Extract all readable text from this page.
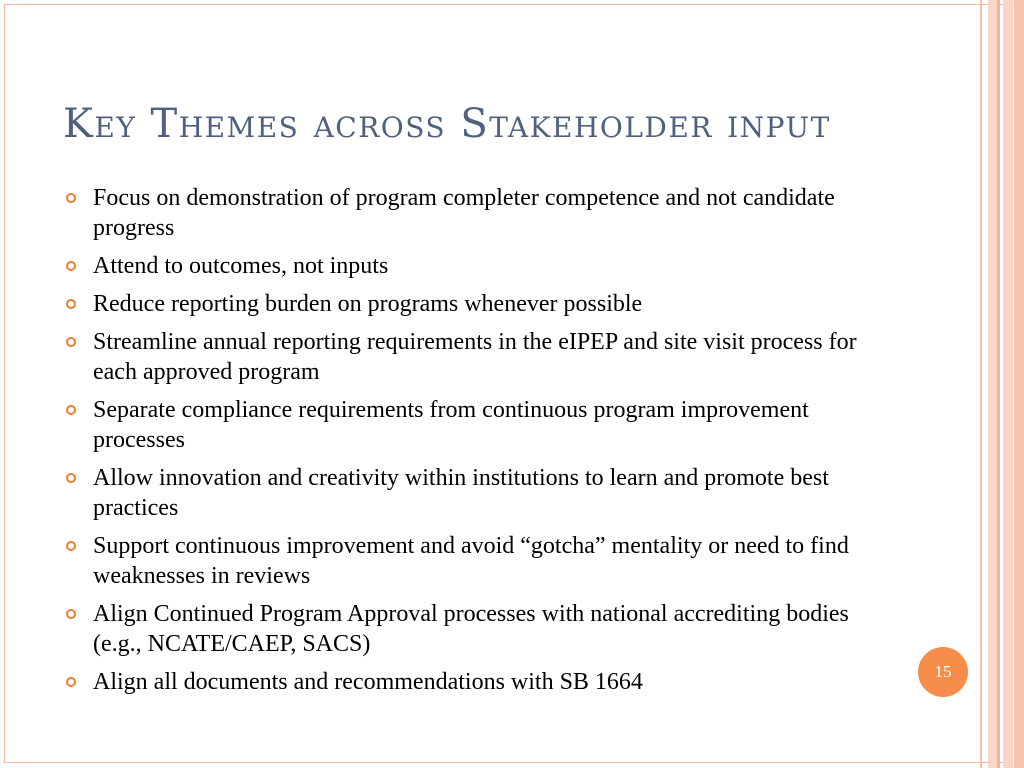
Key Themes across Stakeholder input
Focus on demonstration of program completer competence and not candidate progress
Attend to outcomes, not inputs
Reduce reporting burden on programs whenever possible
Streamline annual reporting requirements in the eIPEP and site visit process for each approved program
Separate compliance requirements from continuous program improvement processes
Allow innovation and creativity within institutions to learn and promote best practices
Support continuous improvement and avoid “gotcha” mentality or need to find weaknesses in reviews
Align Continued Program Approval processes with national accrediting bodies (e.g., NCATE/CAEP, SACS)
Align all documents and recommendations with SB 1664	15
